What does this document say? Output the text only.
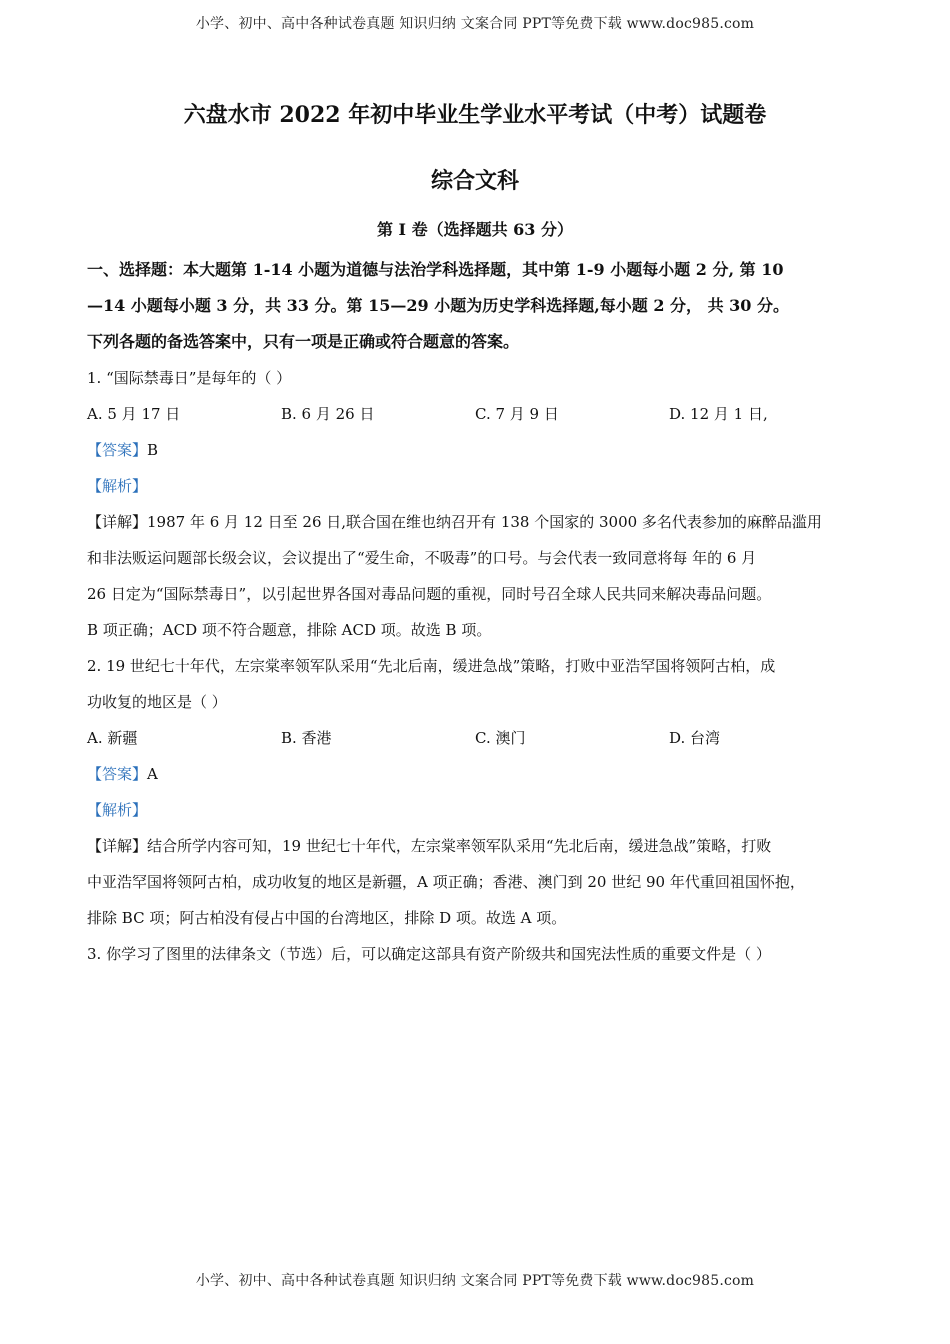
小学、初中、高中各种试卷真题 知识归纳 文案合同 PPT等免费下载 www.doc985.com
六盘水市 2022 年初中毕业生学业水平考试（中考）试题卷
综合文科
第 I 卷（选择题共 63 分）
一、选择题：本大题第 1-14 小题为道德与法治学科选择题，其中第 1-9 小题每小题 2 分, 第 10
—14 小题每小题 3 分，共 33 分。第 15—29 小题为历史学科选择题,每小题 2 分， 共 30 分。
下列各题的备选答案中，只有一项是正确或符合题意的答案。
1. “国际禁毒日”是每年的（ ）
A. 5 月 17 日	B. 6 月 26 日	C. 7 月 9 日	D. 12 月 1 日,
【答案】B
【解析】
【详解】1987 年 6 月 12 日至 26 日,联合国在维也纳召开有 138 个国家的 3000 多名代表参加的麻醉品滥用
和非法贩运问题部长级会议，会议提出了“爱生命，不吸毒”的口号。与会代表一致同意将每 年的 6 月
26 日定为“国际禁毒日”，以引起世界各国对毒品问题的重视，同时号召全球人民共同来解决毒品问题。
B 项正确；ACD 项不符合题意，排除 ACD 项。故选 B 项。
2. 19 世纪七十年代，左宗棠率领军队采用“先北后南，缓进急战”策略，打败中亚浩罕国将领阿古柏，成
功收复的地区是（ ）
A. 新疆	B. 香港	C. 澳门	D. 台湾
【答案】A
【解析】
【详解】结合所学内容可知，19 世纪七十年代，左宗棠率领军队采用“先北后南，缓进急战”策略，打败
中亚浩罕国将领阿古柏，成功收复的地区是新疆，A 项正确；香港、澳门到 20 世纪 90 年代重回祖国怀抱，
排除 BC 项；阿古柏没有侵占中国的台湾地区，排除 D 项。故选 A 项。
3. 你学习了图里的法律条文（节选）后，可以确定这部具有资产阶级共和国宪法性质的重要文件是（ ）
小学、初中、高中各种试卷真题 知识归纳 文案合同 PPT等免费下载 www.doc985.com
